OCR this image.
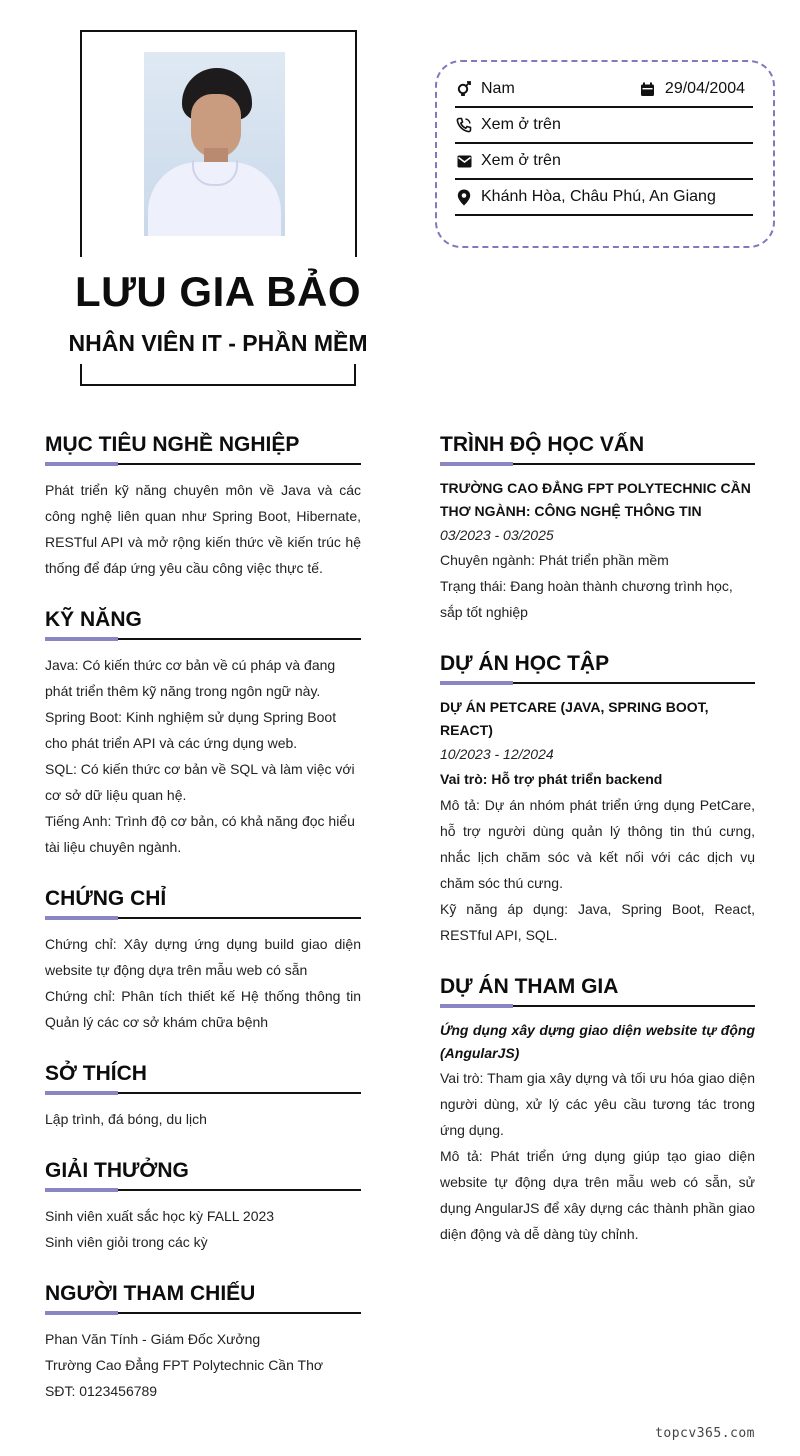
LƯU GIA BẢO
NHÂN VIÊN IT - PHẦN MỀM
Nam	29/04/2004
Xem ở trên
Xem ở trên
Khánh Hòa, Châu Phú, An Giang
MỤC TIÊU NGHỀ NGHIỆP
Phát triển kỹ năng chuyên môn về Java và các công nghệ liên quan như Spring Boot, Hibernate, RESTful API và mở rộng kiến thức về kiến trúc hệ thống để đáp ứng yêu cầu công việc thực tế.
KỸ NĂNG
Java: Có kiến thức cơ bản về cú pháp và đang phát triển thêm kỹ năng trong ngôn ngữ này.
Spring Boot: Kinh nghiệm sử dụng Spring Boot cho phát triển API và các ứng dụng web.
SQL: Có kiến thức cơ bản về SQL và làm việc với cơ sở dữ liệu quan hệ.
Tiếng Anh: Trình độ cơ bản, có khả năng đọc hiểu tài liệu chuyên ngành.
CHỨNG CHỈ
Chứng chỉ: Xây dựng ứng dụng build giao diện website tự động dựa trên mẫu web có sẵn
Chứng chỉ: Phân tích thiết kế Hệ thống thông tin Quản lý các cơ sở khám chữa bệnh
SỞ THÍCH
Lập trình, đá bóng, du lịch
GIẢI THƯỞNG
Sinh viên xuất sắc học kỳ FALL 2023
Sinh viên giỏi trong các kỳ
NGƯỜI THAM CHIẾU
Phan Văn Tính - Giám Đốc Xưởng
Trường Cao Đẳng FPT Polytechnic Cần Thơ
SĐT: 0123456789
TRÌNH ĐỘ HỌC VẤN
TRƯỜNG CAO ĐẲNG FPT POLYTECHNIC CẦN THƠ NGÀNH: CÔNG NGHỆ THÔNG TIN
03/2023 - 03/2025
Chuyên ngành: Phát triển phần mềm
Trạng thái: Đang hoàn thành chương trình học, sắp tốt nghiệp
DỰ ÁN HỌC TẬP
DỰ ÁN PETCARE (JAVA, SPRING BOOT, REACT)
10/2023 - 12/2024
Vai trò: Hỗ trợ phát triển backend
Mô tả: Dự án nhóm phát triển ứng dụng PetCare, hỗ trợ người dùng quản lý thông tin thú cưng, nhắc lịch chăm sóc và kết nối với các dịch vụ chăm sóc thú cưng.
Kỹ năng áp dụng: Java, Spring Boot, React, RESTful API, SQL.
DỰ ÁN THAM GIA
Ứng dụng xây dựng giao diện website tự động (AngularJS)
Vai trò: Tham gia xây dựng và tối ưu hóa giao diện người dùng, xử lý các yêu cầu tương tác trong ứng dụng.
Mô tả: Phát triển ứng dụng giúp tạo giao diện website tự động dựa trên mẫu web có sẵn, sử dụng AngularJS để xây dựng các thành phần giao diện động và dễ dàng tùy chỉnh.
topcv365.com
